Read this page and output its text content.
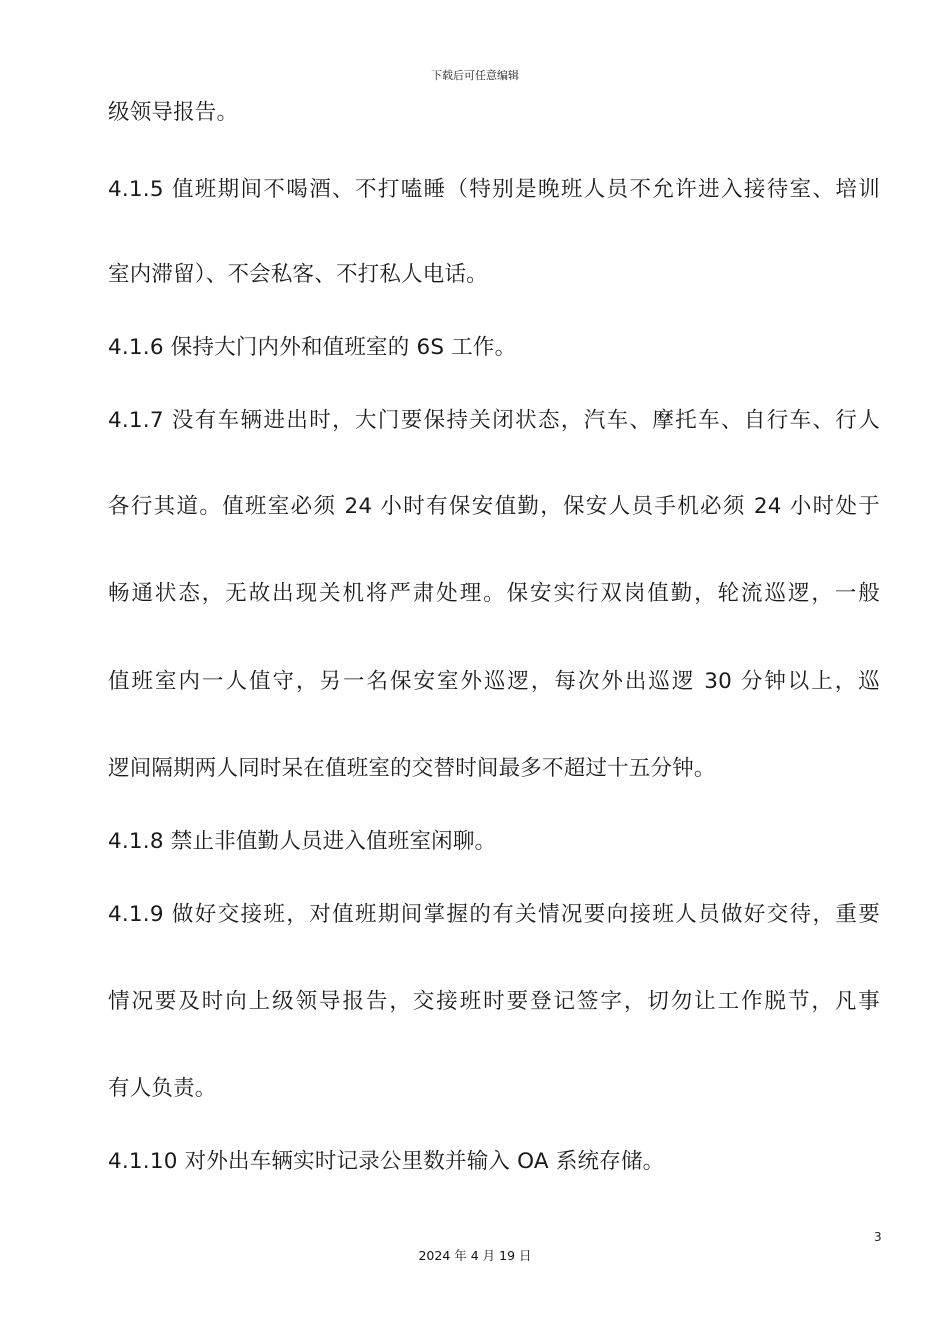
下载后可任意编辑
级领导报告。
4.1.5 值班期间不喝酒、不打嗑睡（特别是晚班人员不允许进入接待室、培训
室内滞留）、不会私客、不打私人电话。
4.1.6 保持大门内外和值班室的 6S 工作。
4.1.7 没有车辆进出时，大门要保持关闭状态，汽车、摩托车、自行车、行人
各行其道。值班室必须 24 小时有保安值勤，保安人员手机必须 24 小时处于
畅通状态，无故出现关机将严肃处理。保安实行双岗值勤，轮流巡逻，一般
值班室内一人值守，另一名保安室外巡逻，每次外出巡逻 30 分钟以上，巡
逻间隔期两人同时呆在值班室的交替时间最多不超过十五分钟。
4.1.8 禁止非值勤人员进入值班室闲聊。
4.1.9 做好交接班，对值班期间掌握的有关情况要向接班人员做好交待，重要
情况要及时向上级领导报告，交接班时要登记签字，切勿让工作脱节，凡事
有人负责。
4.1.10 对外出车辆实时记录公里数并输入 OA 系统存储。
3
2024 年 4 月 19 日
